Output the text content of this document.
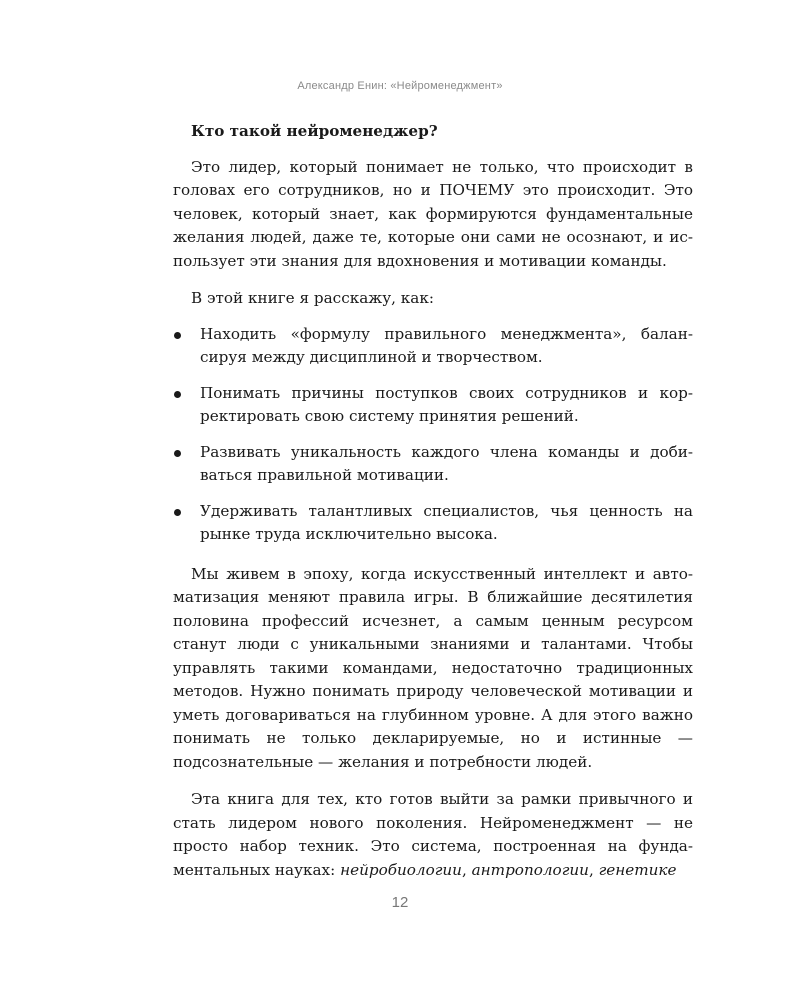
Александр Енин: «Нейроменеджмент»

Кто такой нейроменеджер?

Это лидер, который понимает не только, что происходит в головах его сотрудников, но и ПОЧЕМУ это происходит. Это человек, который знает, как формируются фундаментальные желания людей, даже те, которые они сами не осознают, и использует эти знания для вдохновения и мотивации команды.

В этой книге я расскажу, как:

Находить «формулу правильного менеджмента», балансируя между дисциплиной и творчеством.
Понимать причины поступков своих сотрудников и корректировать свою систему принятия решений.
Развивать уникальность каждого члена команды и добиваться правильной мотивации.
Удерживать талантливых специалистов, чья ценность на рынке труда исключительно высока.

Мы живем в эпоху, когда искусственный интеллект и автоматизация меняют правила игры. В ближайшие десятилетия половина профессий исчезнет, а самым ценным ресурсом станут люди с уникальными знаниями и талантами. Чтобы управлять такими командами, недостаточно традиционных методов. Нужно понимать природу человеческой мотивации и уметь договариваться на глубинном уровне. А для этого важно понимать не только декларируемые, но и истинные — подсознательные — желания и потребности людей.

Эта книга для тех, кто готов выйти за рамки привычного и стать лидером нового поколения. Нейроменеджмент — не просто набор техник. Это система, построенная на фундаментальных науках: нейробиологии, антропологии, генетике

12
